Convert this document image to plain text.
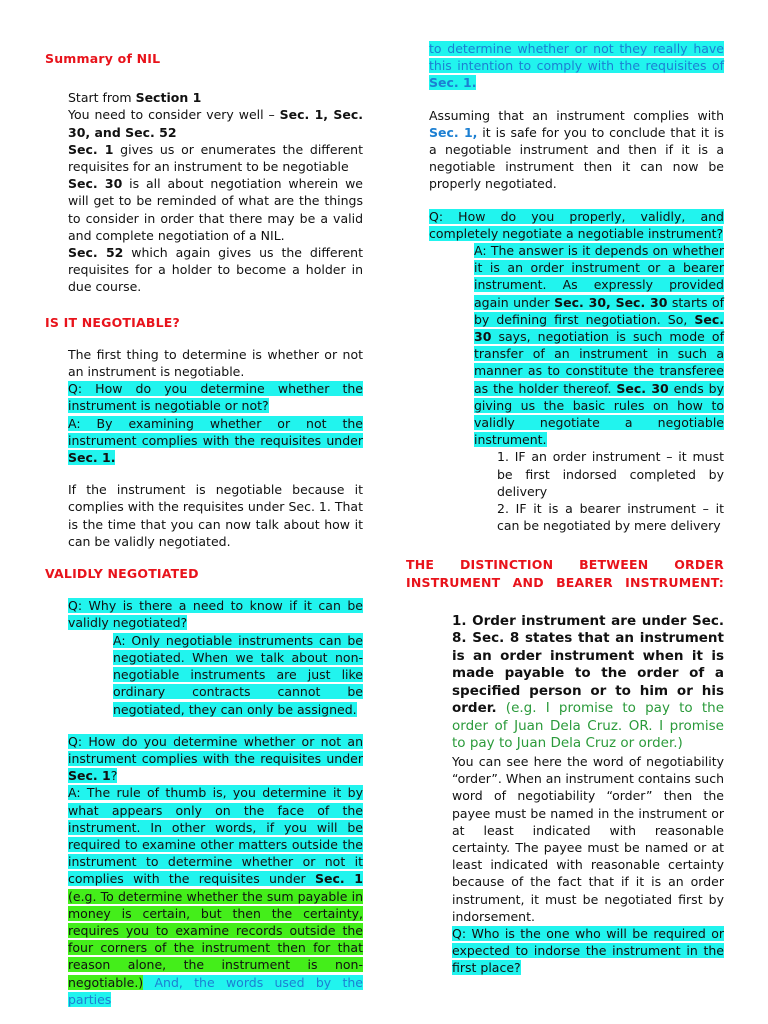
Summary of NIL

Start from Section 1

You need to consider very well – Sec. 1, Sec. 30, and Sec. 52

Sec. 1 gives us or enumerates the different requisites for an instrument to be negotiable

Sec. 30 is all about negotiation wherein we will get to be reminded of what are the things to consider in order that there may be a valid and complete negotiation of a NIL.

Sec. 52 which again gives us the different requisites for a holder to become a holder in due course.

IS IT NEGOTIABLE?

The first thing to determine is whether or not an instrument is negotiable.

Q: How do you determine whether the instrument is negotiable or not?

A: By examining whether or not the instrument complies with the requisites under Sec. 1.

If the instrument is negotiable because it complies with the requisites under Sec. 1. That is the time that you can now talk about how it can be validly negotiated.

VALIDLY NEGOTIATED

Q: Why is there a need to know if it can be validly negotiated?

A: Only negotiable instruments can be negotiated. When we talk about non-negotiable instruments are just like ordinary contracts cannot be negotiated, they can only be assigned.

Q: How do you determine whether or not an instrument complies with the requisites under Sec. 1?

A: The rule of thumb is, you determine it by what appears only on the face of the instrument. In other words, if you will be required to examine other matters outside the instrument to determine whether or not it complies with the requisites under Sec. 1 (e.g. To determine whether the sum payable in money is certain, but then the certainty, requires you to examine records outside the four corners of the instrument then for that reason alone, the instrument is non-negotiable.) And, the words used by the parties

to determine whether or not they really have this intention to comply with the requisites of Sec. 1.

Assuming that an instrument complies with Sec. 1, it is safe for you to conclude that it is a negotiable instrument and then if it is a negotiable instrument then it can now be properly negotiated.

Q: How do you properly, validly, and completely negotiate a negotiable instrument?

A: The answer is it depends on whether it is an order instrument or a bearer instrument. As expressly provided again under Sec. 30, Sec. 30 starts of by defining first negotiation. So, Sec. 30 says, negotiation is such mode of transfer of an instrument in such a manner as to constitute the transferee as the holder thereof. Sec. 30 ends by giving us the basic rules on how to validly negotiate a negotiable instrument.

1. IF an order instrument – it must be first indorsed completed by delivery

2. IF it is a bearer instrument – it can be negotiated by mere delivery

THE DISTINCTION BETWEEN ORDER INSTRUMENT AND BEARER INSTRUMENT:

1. Order instrument are under Sec. 8. Sec. 8 states that an instrument is an order instrument when it is made payable to the order of a specified person or to him or his order. (e.g. I promise to pay to the order of Juan Dela Cruz. OR. I promise to pay to Juan Dela Cruz or order.)

You can see here the word of negotiability “order”. When an instrument contains such word of negotiability “order” then the payee must be named in the instrument or at least indicated with reasonable certainty. The payee must be named or at least indicated with reasonable certainty because of the fact that if it is an order instrument, it must be negotiated first by indorsement.

Q: Who is the one who will be required or expected to indorse the instrument in the first place?
